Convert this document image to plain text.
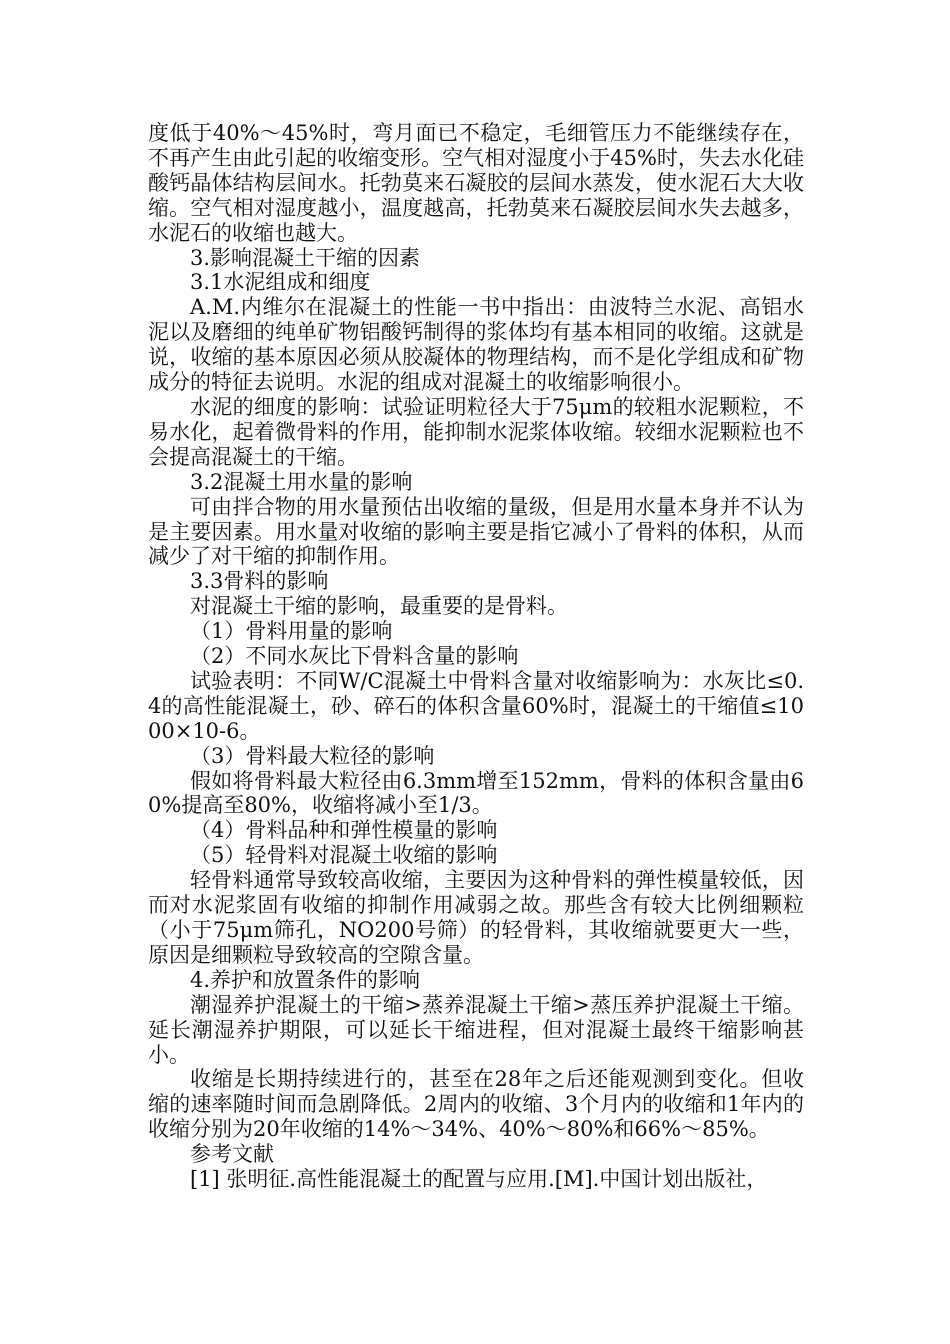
度低于40%～45%时，弯月面已不稳定，毛细管压力不能继续存在，不再产生由此引起的收缩变形。空气相对湿度小于45%时，失去水化硅酸钙晶体结构层间水。托勃莫来石凝胶的层间水蒸发，使水泥石大大收缩。空气相对湿度越小，温度越高，托勃莫来石凝胶层间水失去越多，水泥石的收缩也越大。

3.影响混凝土干缩的因素

3.1水泥组成和细度

A.M.内维尔在混凝土的性能一书中指出：由波特兰水泥、高铝水泥以及磨细的纯单矿物铝酸钙制得的浆体均有基本相同的收缩。这就是说，收缩的基本原因必须从胶凝体的物理结构，而不是化学组成和矿物成分的特征去说明。水泥的组成对混凝土的收缩影响很小。

水泥的细度的影响：试验证明粒径大于75μm的较粗水泥颗粒，不易水化，起着微骨料的作用，能抑制水泥浆体收缩。较细水泥颗粒也不会提高混凝土的干缩。

3.2混凝土用水量的影响

可由拌合物的用水量预估出收缩的量级，但是用水量本身并不认为是主要因素。用水量对收缩的影响主要是指它减小了骨料的体积，从而减少了对干缩的抑制作用。

3.3骨料的影响

对混凝土干缩的影响，最重要的是骨料。

（1）骨料用量的影响

（2）不同水灰比下骨料含量的影响

试验表明：不同W/C混凝土中骨料含量对收缩影响为：水灰比≤0.4的高性能混凝土，砂、碎石的体积含量60%时，混凝土的干缩值≤1000×10-6。

（3）骨料最大粒径的影响

假如将骨料最大粒径由6.3mm增至152mm，骨料的体积含量由60%提高至80%，收缩将减小至1/3。

（4）骨料品种和弹性模量的影响

（5）轻骨料对混凝土收缩的影响

轻骨料通常导致较高收缩，主要因为这种骨料的弹性模量较低，因而对水泥浆固有收缩的抑制作用减弱之故。那些含有较大比例细颗粒（小于75μm筛孔，NO200号筛）的轻骨料，其收缩就要更大一些，原因是细颗粒导致较高的空隙含量。

4.养护和放置条件的影响

潮湿养护混凝土的干缩>蒸养混凝土干缩>蒸压养护混凝土干缩。延长潮湿养护期限，可以延长干缩进程，但对混凝土最终干缩影响甚小。

收缩是长期持续进行的，甚至在28年之后还能观测到变化。但收缩的速率随时间而急剧降低。2周内的收缩、3个月内的收缩和1年内的收缩分别为20年收缩的14%～34%、40%～80%和66%～85%。

参考文献

[1] 张明征.高性能混凝土的配置与应用.[M].中国计划出版社，
